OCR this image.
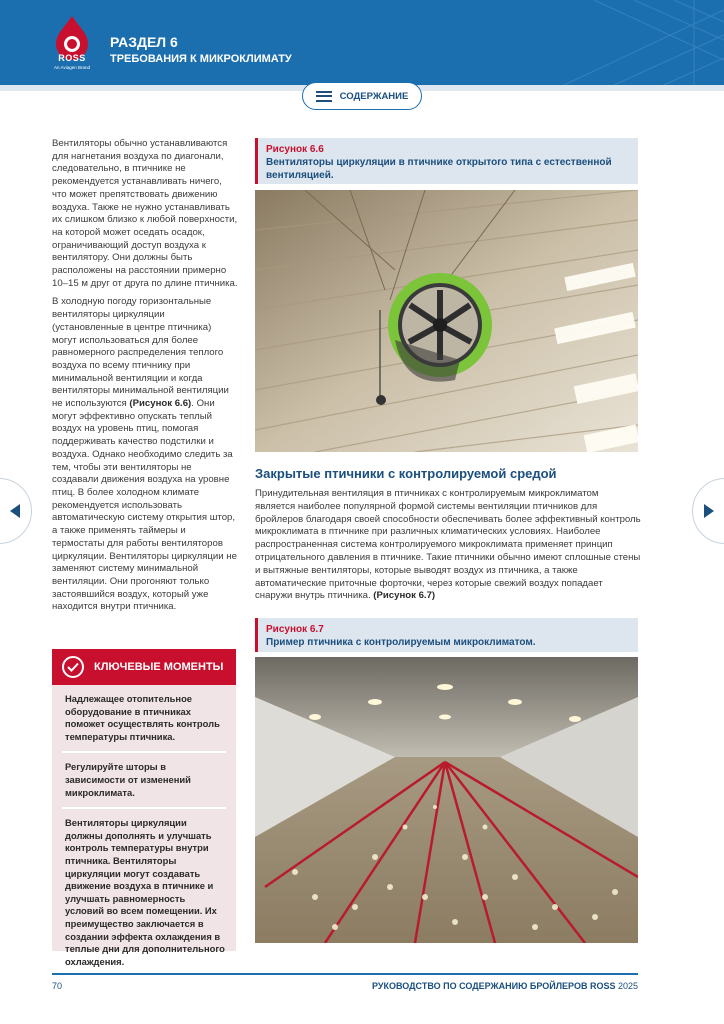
ROSS
An Aviagen Brand
РАЗДЕЛ 6
ТРЕБОВАНИЯ К МИКРОКЛИМАТУ
СОДЕРЖАНИЕ

Вентиляторы обычно устанавливаются для нагнетания воздуха по диагонали, следовательно, в птичнике не рекомендуется устанавливать ничего, что может препятствовать движению воздуха. Также не нужно устанавливать их слишком близко к любой поверхности, на которой может оседать осадок, ограничивающий доступ воздуха к вентилятору. Они должны быть расположены на расстоянии примерно 10–15 м друг от друга по длине птичника.

В холодную погоду горизонтальные вентиляторы циркуляции (установленные в центре птичника) могут использоваться для более равномерного распределения теплого воздуха по всему птичнику при минимальной вентиляции и когда вентиляторы минимальной вентиляции не используются (Рисунок 6.6). Они могут эффективно опускать теплый воздух на уровень птиц, помогая поддерживать качество подстилки и воздуха. Однако необходимо следить за тем, чтобы эти вентиляторы не создавали движения воздуха на уровне птиц. В более холодном климате рекомендуется использовать автоматическую систему открытия штор, а также применять таймеры и термостаты для работы вентиляторов циркуляции. Вентиляторы циркуляции не заменяют систему минимальной вентиляции. Они прогоняют только застоявшийся воздух, который уже находится внутри птичника.

КЛЮЧЕВЫЕ МОМЕНТЫ
Надлежащее отопительное оборудование в птичниках поможет осуществлять контроль температуры птичника.
Регулируйте шторы в зависимости от изменений микроклимата.
Вентиляторы циркуляции должны дополнять и улучшать контроль температуры внутри птичника. Вентиляторы циркуляции могут создавать движение воздуха в птичнике и улучшать равномерность условий во всем помещении. Их преимущество заключается в создании эффекта охлаждения в теплые дни для дополнительного охлаждения.
Рисунок 6.6
Вентиляторы циркуляции в птичнике открытого типа с естественной вентиляцией.
Закрытые птичники с контролируемой средой
Принудительная вентиляция в птичниках с контролируемым микроклиматом является наиболее популярной формой системы вентиляции птичников для бройлеров благодаря своей способности обеспечивать более эффективный контроль микроклимата в птичнике при различных климатических условиях. Наиболее распространенная система контролируемого микроклимата применяет принцип отрицательного давления в птичнике. Такие птичники обычно имеют сплошные стены и вытяжные вентиляторы, которые выводят воздух из птичника, а также автоматические приточные форточки, через которые свежий воздух попадает снаружи внутрь птичника. (Рисунок 6.7)
Рисунок 6.7
Пример птичника с контролируемым микроклиматом.
70	РУКОВОДСТВО ПО СОДЕРЖАНИЮ БРОЙЛЕРОВ ROSS 2025
